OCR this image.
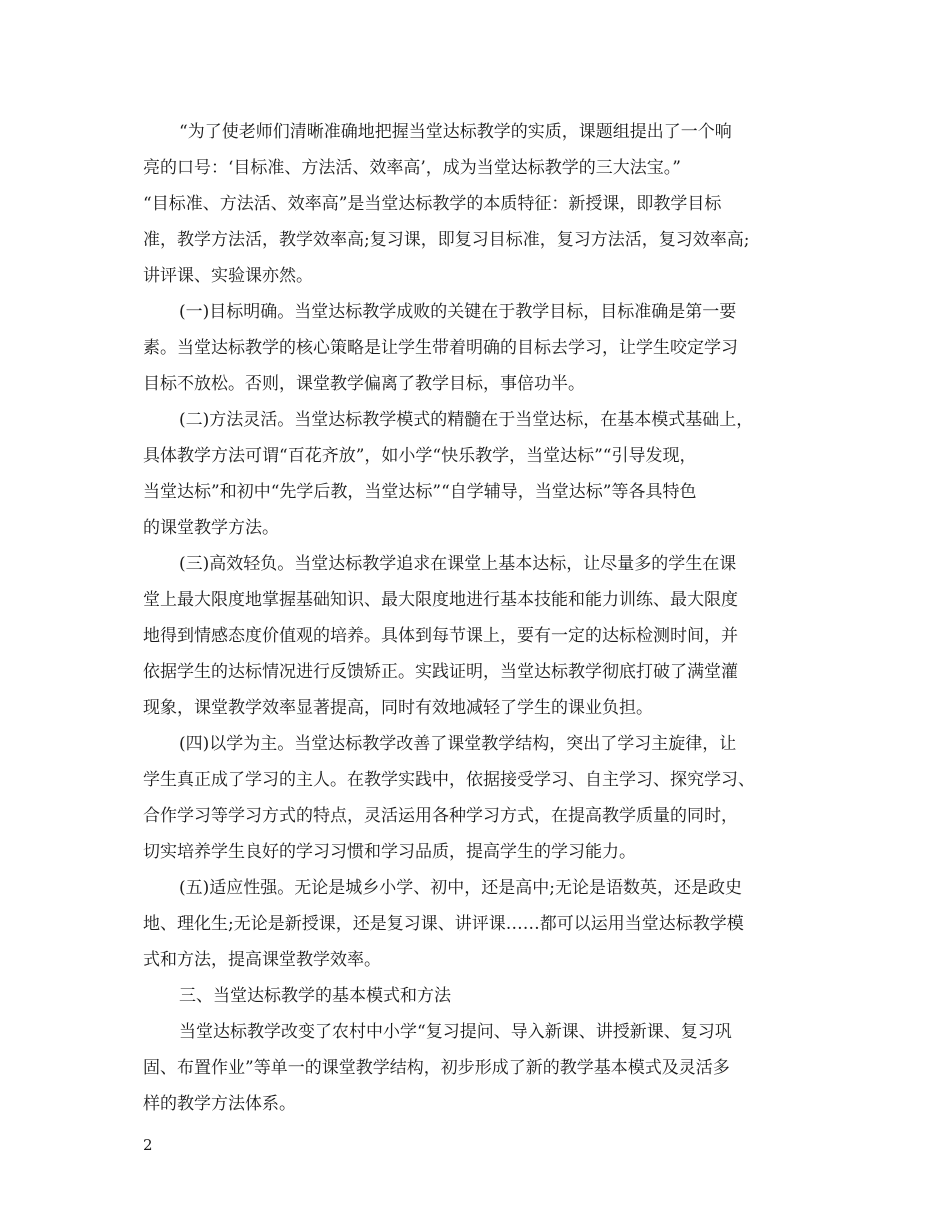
“为了使老师们清晰准确地把握当堂达标教学的实质，课题组提出了一个响
亮的口号：‘目标准、方法活、效率高’，成为当堂达标教学的三大法宝。”
“目标准、方法活、效率高”是当堂达标教学的本质特征：新授课，即教学目标
准，教学方法活，教学效率高;复习课，即复习目标准，复习方法活，复习效率高;
讲评课、实验课亦然。
(一)目标明确。当堂达标教学成败的关键在于教学目标，目标准确是第一要
素。当堂达标教学的核心策略是让学生带着明确的目标去学习，让学生咬定学习
目标不放松。否则，课堂教学偏离了教学目标，事倍功半。
(二)方法灵活。当堂达标教学模式的精髓在于当堂达标，在基本模式基础上，
具体教学方法可谓“百花齐放”，如小学“快乐教学，当堂达标”“引导发现，
当堂达标”和初中“先学后教，当堂达标”“自学辅导，当堂达标”等各具特色
的课堂教学方法。
(三)高效轻负。当堂达标教学追求在课堂上基本达标，让尽量多的学生在课
堂上最大限度地掌握基础知识、最大限度地进行基本技能和能力训练、最大限度
地得到情感态度价值观的培养。具体到每节课上，要有一定的达标检测时间，并
依据学生的达标情况进行反馈矫正。实践证明，当堂达标教学彻底打破了满堂灌
现象，课堂教学效率显著提高，同时有效地减轻了学生的课业负担。
(四)以学为主。当堂达标教学改善了课堂教学结构，突出了学习主旋律，让
学生真正成了学习的主人。在教学实践中，依据接受学习、自主学习、探究学习、
合作学习等学习方式的特点，灵活运用各种学习方式，在提高教学质量的同时，
切实培养学生良好的学习习惯和学习品质，提高学生的学习能力。
(五)适应性强。无论是城乡小学、初中，还是高中;无论是语数英，还是政史
地、理化生;无论是新授课，还是复习课、讲评课……都可以运用当堂达标教学模
式和方法，提高课堂教学效率。
三、当堂达标教学的基本模式和方法
当堂达标教学改变了农村中小学“复习提问、导入新课、讲授新课、复习巩
固、布置作业”等单一的课堂教学结构，初步形成了新的教学基本模式及灵活多
样的教学方法体系。
2
